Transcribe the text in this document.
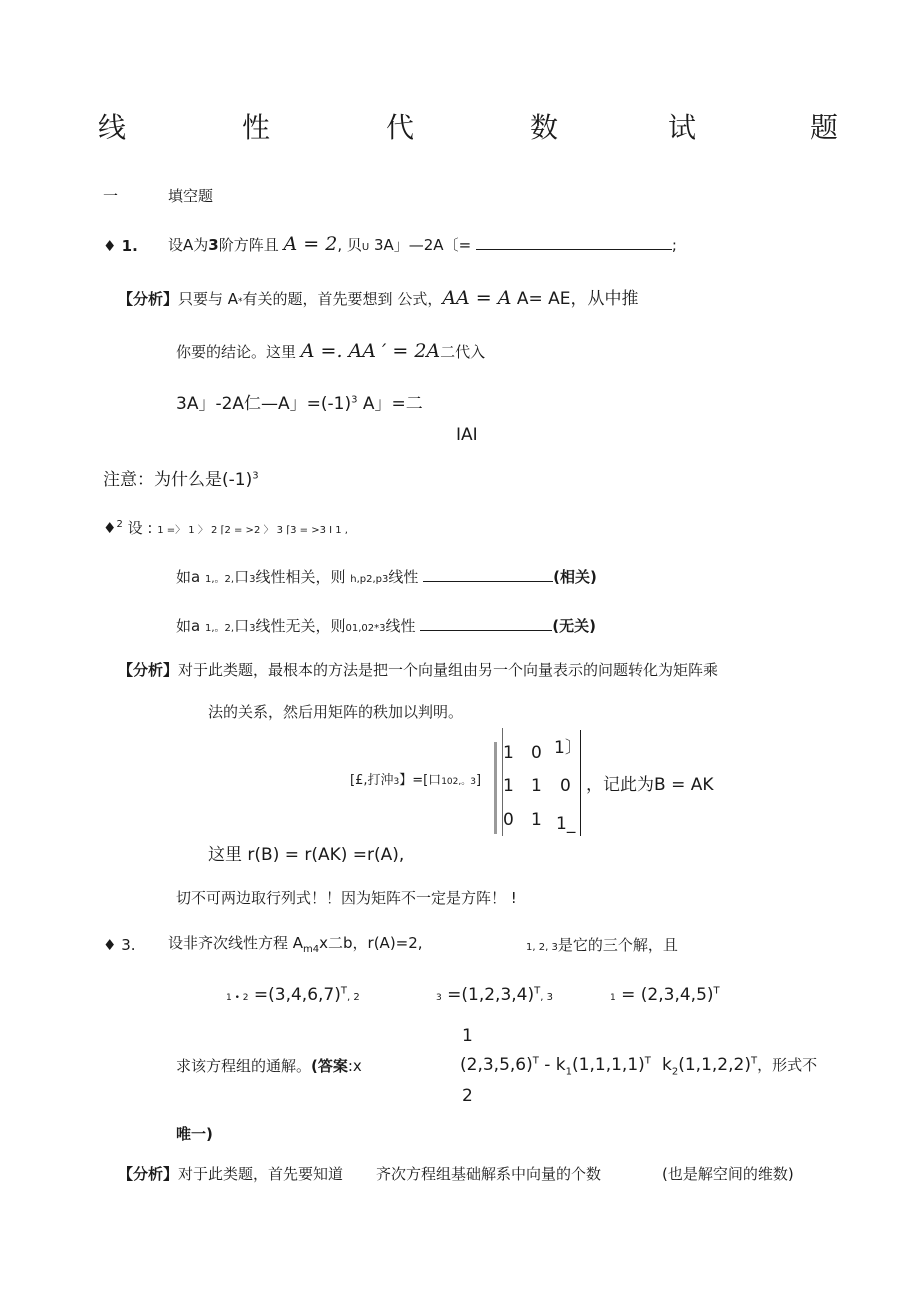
线	性	代	数	试	题
一	填空题
♦ 1. 设A为3阶方阵且 A = 2, 贝U 3A」—2A〔=	;
【分析】只要与 A*有关的题，首先要想到 公式，AA = A A= AE，从中推
你要的结论。这里 A =. AA ′ = 2A二代入
3A」-2A仁—A」$=(-1)^3$ A」=二
IAI
注意：为什么是$(-1)^3$
♦$^2$ 设 : 1 =〉 1 〉 2 ⌈2 = >2 〉 3 ⌈3 = >3 I 1 ,
如a 1,。2,口3线性相关，则 h,p2,p3线性	(相关)
如a 1,。2,口3线性无关，则01,02*3线性	(无关)
【分析】对于此类题，最根本的方法是把一个向量组由另一个向量表示的问题转化为矩阵乘
法的关系，然后用矩阵的秩加以判明。
[£,打沖3】=[口102,。3]
1 0 1〕
1 1 0
0 1 1_
，记此为B = AK
这里 r(B) = r(AK) =r(A),
切不可两边取行列式！！因为矩阵不一定是方阵！ !
♦ 3. 设非齐次线性方程 $A_{m4}x$二b，r(A)=2,	1, 2, 3是它的三个解，且
1 • $2 =(3,4,6,7)^T$, 2	$3 =(1,2,3,4)^T$, 3	$1 = (2,3,4,5)^T$
1
2
求该方程组的通解。(答案:x	$(2,3,5,6)^T - k_1(1,1,1,1)^T$ $k_2(1,1,2,2)^T$，形式不
唯一)
【分析】对于此类题，首先要知道 齐次方程组基础解系中向量的个数	(也是解空间的维数)
